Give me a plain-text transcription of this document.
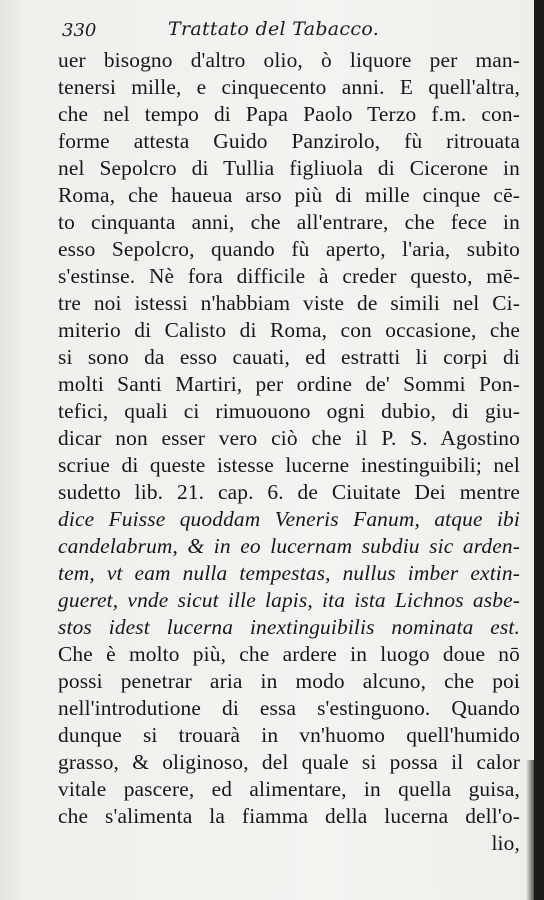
330	Trattato del Tabacco.
uer bisogno d'altro olio, ò liquore per man-
tenersi mille, e cinquecento anni. E quell'altra,
che nel tempo di Papa Paolo Terzo f.m. con-
forme attesta Guido Panzirolo, fù ritrouata
nel Sepolcro di Tullia figliuola di Cicerone in
Roma, che haueua arso più di mille cinque cē-
to cinquanta anni, che all'entrare, che fece in
esso Sepolcro, quando fù aperto, l'aria, subito
s'estinse. Nè fora difficile à creder questo, mē-
tre noi istessi n'habbiam viste de simili nel Ci-
miterio di Calisto di Roma, con occasione, che
si sono da esso cauati, ed estratti li corpi di
molti Santi Martiri, per ordine de' Sommi Pon-
tefici, quali ci rimuouono ogni dubio, di giu-
dicar non esser vero ciò che il P. S. Agostino
scriue di queste istesse lucerne inestinguibili; nel
sudetto lib. 21. cap. 6. de Ciuitate Dei mentre
dice Fuisse quoddam Veneris Fanum, atque ibi
candelabrum, & in eo lucernam subdiu sic arden-
tem, vt eam nulla tempestas, nullus imber extin-
gueret, vnde sicut ille lapis, ita ista Lichnos asbe-
stos idest lucerna inextinguibilis nominata est.
Che è molto più, che ardere in luogo doue nō
possi penetrar aria in modo alcuno, che poi
nell'introdutione di essa s'estinguono. Quando
dunque si trouarà in vn'huomo quell'humido
grasso, & oliginoso, del quale si possa il calor
vitale pascere, ed alimentare, in quella guisa,
che s'alimenta la fiamma della lucerna dell'o-
lio,
